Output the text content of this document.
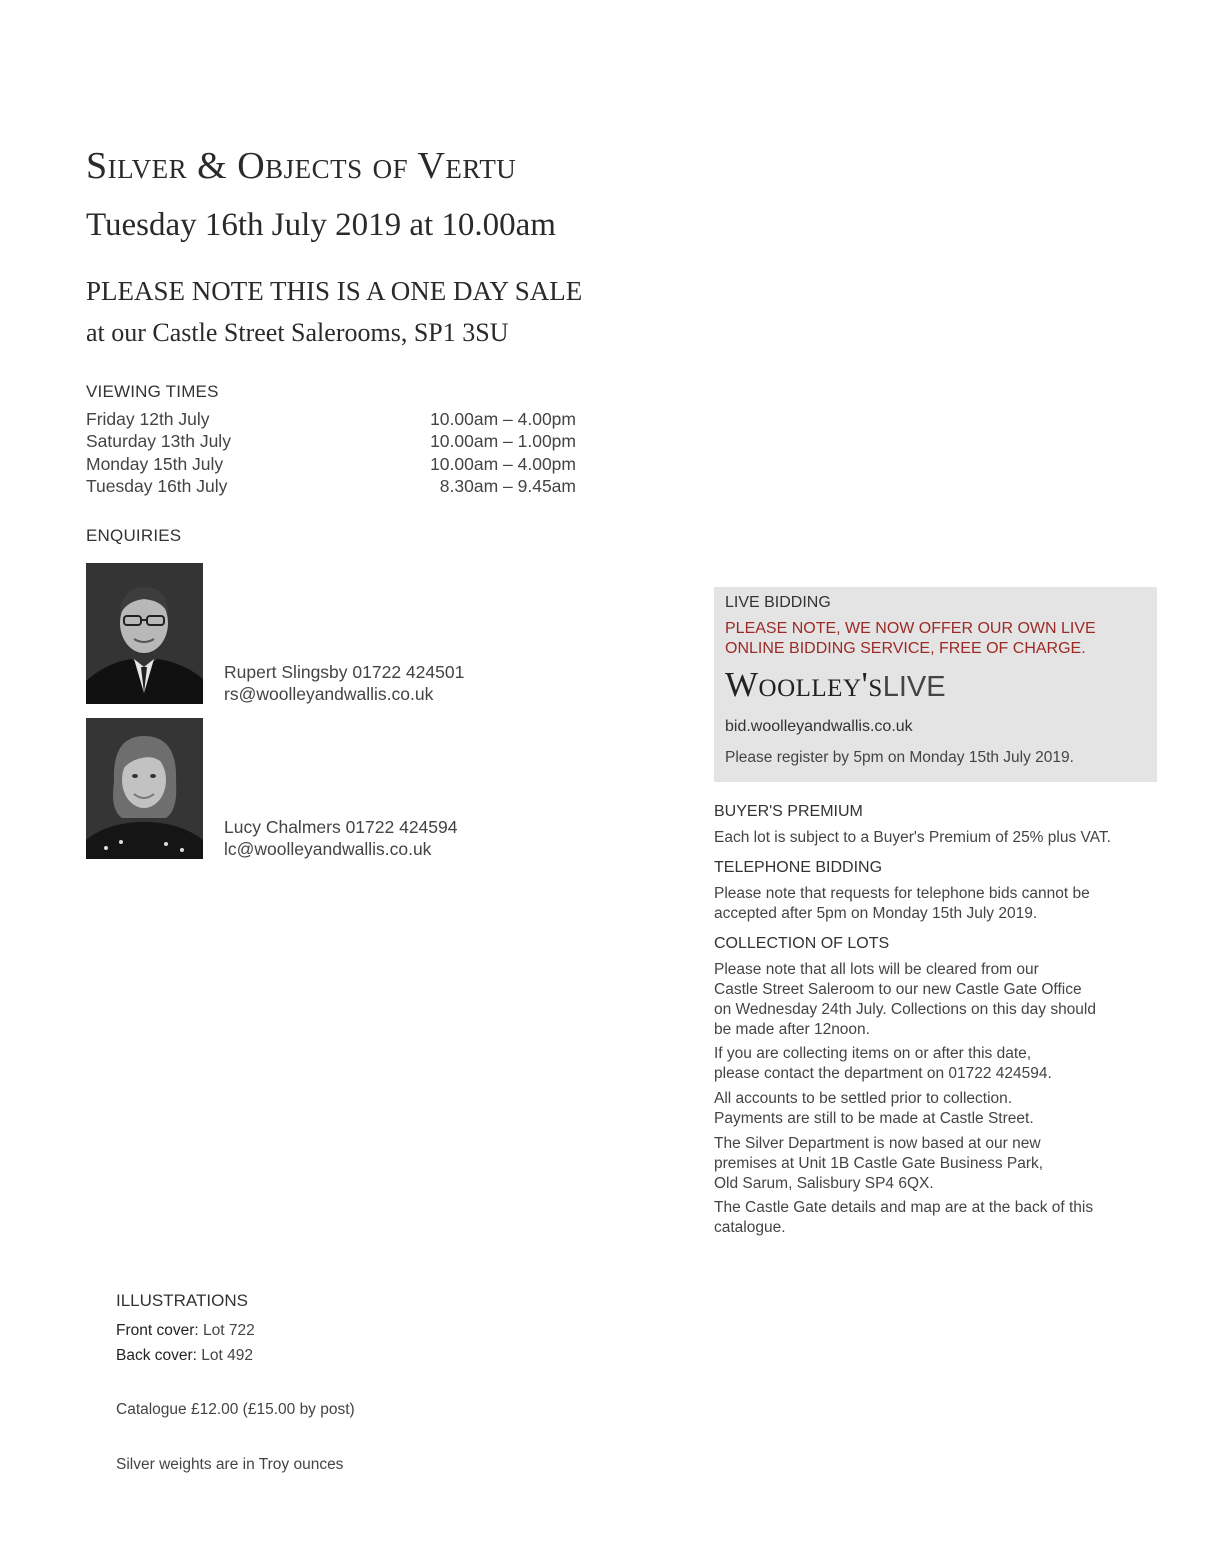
Silver & Objects of Vertu
Tuesday 16th July 2019 at 10.00am
PLEASE NOTE THIS IS A ONE DAY SALE
at our Castle Street Salerooms, SP1 3SU
VIEWING TIMES
Friday 12th July	10.00am – 4.00pm
Saturday 13th July	10.00am – 1.00pm
Monday 15th July	10.00am – 4.00pm
Tuesday 16th July	8.30am – 9.45am
ENQUIRIES
Rupert Slingsby 01722 424501
rs@woolleyandwallis.co.uk
Lucy Chalmers 01722 424594
lc@woolleyandwallis.co.uk
LIVE BIDDING
PLEASE NOTE, WE NOW OFFER OUR OWN LIVE
ONLINE BIDDING SERVICE, FREE OF CHARGE.
Woolley'sLIVE
bid.woolleyandwallis.co.uk
Please register by 5pm on Monday 15th July 2019.
BUYER'S PREMIUM
Each lot is subject to a Buyer's Premium of 25% plus VAT.
TELEPHONE BIDDING
Please note that requests for telephone bids cannot be
accepted after 5pm on Monday 15th July 2019.
COLLECTION OF LOTS
Please note that all lots will be cleared from our
Castle Street Saleroom to our new Castle Gate Office
on Wednesday 24th July. Collections on this day should
be made after 12noon.
If you are collecting items on or after this date,
please contact the department on 01722 424594.
All accounts to be settled prior to collection.
Payments are still to be made at Castle Street.
The Silver Department is now based at our new
premises at Unit 1B Castle Gate Business Park,
Old Sarum, Salisbury SP4 6QX.
The Castle Gate details and map are at the back of this
catalogue.
ILLUSTRATIONS
Front cover: Lot 722
Back cover: Lot 492
Catalogue £12.00 (£15.00 by post)
Silver weights are in Troy ounces
